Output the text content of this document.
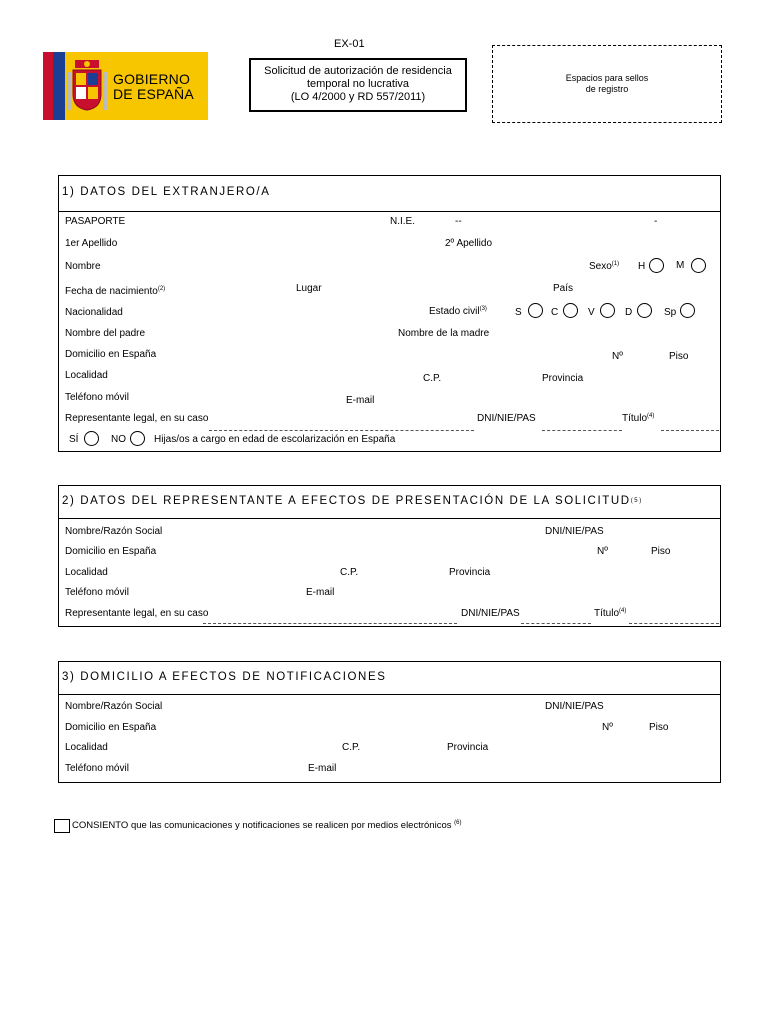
GOBIERNO
DE ESPAÑA
EX-01
Solicitud de autorización de residencia
temporal no lucrativa
(LO 4/2000 y RD 557/2011)
Espacios para sellos
de registro
1) DATOS DEL EXTRANJERO/A
PASAPORTE	N.I.E.	--	-
1er Apellido	2º Apellido
Nombre	Sexo$^{(1)}$ H	M
Fecha de nacimiento$^{(2)}$	Lugar	País
Nacionalidad	Estado civil$^{(3)}$	S	C	V	D	Sp
Nombre del padre	Nombre de la madre
Domicilio en España	Nº	Piso
Localidad	C.P.	Provincia
Teléfono móvil	E-mail
Representante legal, en su caso	DNI/NIE/PAS	Título$^{(4)}$
SÍ	NO	Hijas/os a cargo en edad de escolarización en España
2) DATOS DEL REPRESENTANTE A EFECTOS DE PRESENTACIÓN DE LA SOLICITUD$^{(5)}$
Nombre/Razón Social	DNI/NIE/PAS
Domicilio en España	Nº	Piso
Localidad	C.P.	Provincia
Teléfono móvil	E-mail
Representante legal, en su caso	DNI/NIE/PAS	Título$^{(4)}$
3) DOMICILIO A EFECTOS DE NOTIFICACIONES
Nombre/Razón Social	DNI/NIE/PAS
Domicilio en España	Nº	Piso
Localidad	C.P.	Provincia
Teléfono móvil	E-mail
CONSIENTO que las comunicaciones y notificaciones se realicen por medios electrónicos $^{(6)}$
